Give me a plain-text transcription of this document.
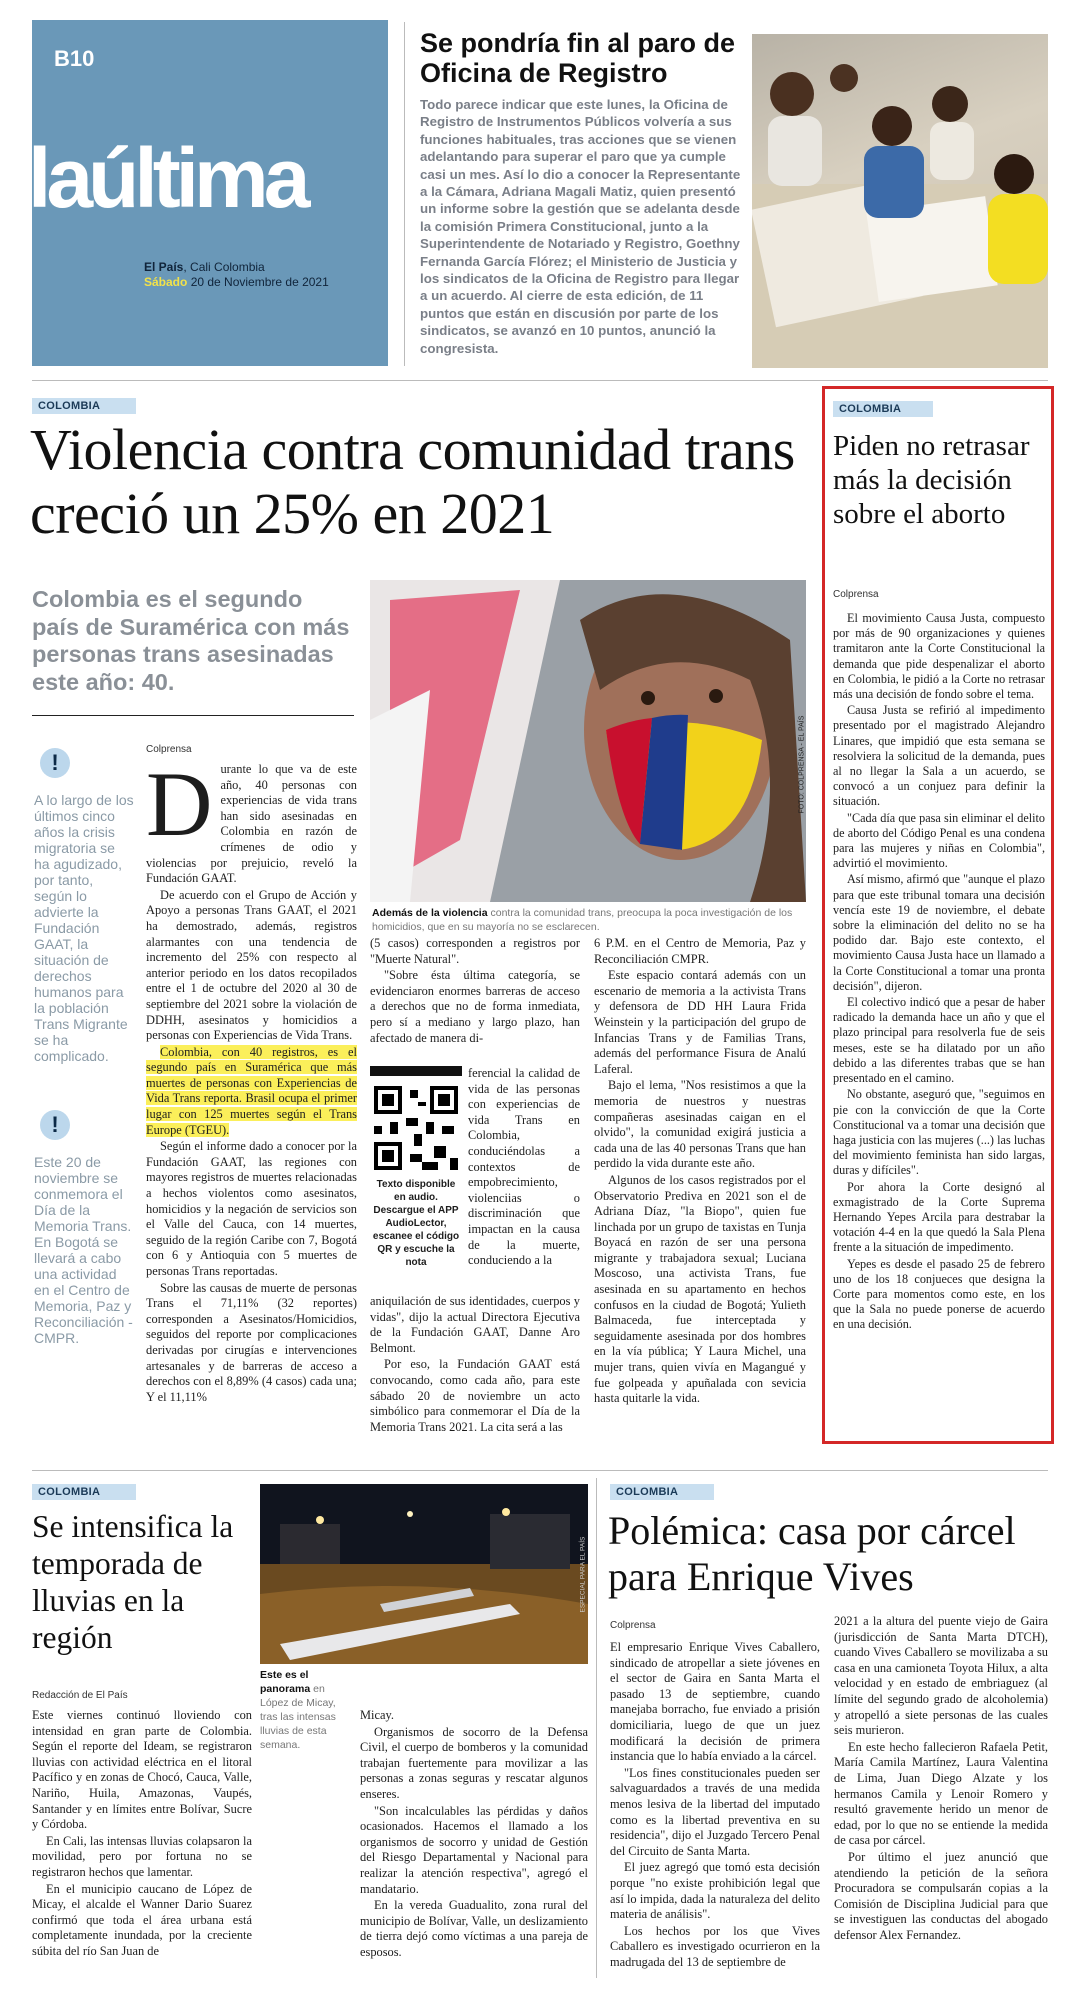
B10
laúltima
El País, Cali Colombia
Sábado 20 de Noviembre de 2021
Se pondría fin al paro de Oficina de Registro
Todo parece indicar que este lunes, la Oficina de Registro de Instrumentos Públicos volvería a sus funciones habituales, tras acciones que se vienen adelantando para superar el paro que ya cumple casi un mes. Así lo dio a conocer la Representante a la Cámara, Adriana Magali Matiz, quien presentó un informe sobre la gestión que se adelanta desde la comisión Primera Constitucional, junto a la Superintendente de Notariado y Registro, Goethny Fernanda García Flórez; el Ministerio de Justicia y los sindicatos de la Oficina de Registro para llegar a un acuerdo. Al cierre de esta edición, de 11 puntos que están en discusión por parte de los sindicatos, se avanzó en 10 puntos, anunció la congresista.
COLOMBIA
Violencia contra comunidad trans creció un 25% en 2021
Colombia es el segundo país de Suramérica con más personas trans asesinadas este año: 40.
FOTO: COLPRENSA - EL PAÍS
Además de la violencia contra la comunidad trans, preocupa la poca investigación de los homicidios, que en su mayoría no se esclarecen.
!
A lo largo de los últimos cinco años la crisis migratoria se ha agudizado, por tanto, según lo advierte la Fundación GAAT, la situación de derechos humanos para la población Trans Migrante se ha complicado.
!
Este 20 de noviembre se conmemora el Día de la Memoria Trans. En Bogotá se llevará a cabo una actividad en el Centro de Memoria, Paz y Reconciliación -CMPR.
Colprensa
D urante lo que va de este año, 40 personas con experiencias de vida trans han sido asesinadas en Colombia en razón de crímenes de odio y violencias por prejuicio, reveló la Fundación GAAT.

De acuerdo con el Grupo de Acción y Apoyo a personas Trans GAAT, el 2021 ha demostrado, además, registros alarmantes con una tendencia de incremento del 25% con respecto al anterior periodo en los datos recopilados entre el 1 de octubre del 2020 al 30 de septiembre del 2021 sobre la violación de DDHH, asesinatos y homicidios a personas con Experiencias de Vida Trans.

Colombia, con 40 registros, es el segundo país en Suramérica que más muertes de personas con Experiencias de Vida Trans reporta. Brasil ocupa el primer lugar con 125 muertes según el Trans Europe (TGEU).

Según el informe dado a conocer por la Fundación GAAT, las regiones con mayores registros de muertes relacionadas a hechos violentos como asesinatos, homicidios y la negación de servicios son el Valle del Cauca, con 14 muertes, seguido de la región Caribe con 7, Bogotá con 6 y Antioquia con 5 muertes de personas Trans reportadas.

Sobre las causas de muerte de personas Trans el 71,11% (32 reportes) corresponden a Asesinatos/Homicidios, seguidos del reporte por complicaciones derivadas por cirugías e intervenciones artesanales y de barreras de acceso a derechos con el 8,89% (4 casos) cada una; Y el 11,11%

(5 casos) corresponden a registros por "Muerte Natural".

"Sobre ésta última categoría, se evidenciaron enormes barreras de acceso a derechos que no de forma inmediata, pero sí a mediano y largo plazo, han afectado de manera di-

Texto disponible en audio. Descargue el APP AudioLector, escanee el código QR y escuche la nota
ferencial la calidad de vida de las personas con experiencias de vida Trans en Colombia, conduciéndolas a contextos de empobrecimiento, violenciias o discriminación que impactan en la causa de la muerte, conduciendo a la

aniquilación de sus identidades, cuerpos y vidas", dijo la actual Directora Ejecutiva de la Fundación GAAT, Danne Aro Belmont.

Por eso, la Fundación GAAT está convocando, como cada año, para este sábado 20 de noviembre un acto simbólico para conmemorar el Día de la Memoria Trans 2021. La cita será a las

6 P.M. en el Centro de Memoria, Paz y Reconciliación CMPR.

Este espacio contará además con un escenario de memoria a la activista Trans y defensora de DD HH Laura Frida Weinstein y la participación del grupo de Infancias Trans y de Familias Trans, además del performance Fisura de Analú Laferal.

Bajo el lema, "Nos resistimos a que la memoria de nuestros y nuestras compañeras asesinadas caigan en el olvido", la comunidad exigirá justicia a cada una de las 40 personas Trans que han perdido la vida durante este año.

Algunos de los casos registrados por el Observatorio Prediva en 2021 son el de Adriana Díaz, "la Biopo", quien fue linchada por un grupo de taxistas en Tunja Boyacá en razón de ser una persona migrante y trabajadora sexual; Luciana Moscoso, una activista Trans, fue asesinada en su apartamento en hechos confusos en la ciudad de Bogotá; Yulieth Balmaceda, fue interceptada y seguidamente asesinada por dos hombres en la vía pública; Y Laura Michel, una mujer trans, quien vivía en Magangué y fue golpeada y apuñalada con sevicia hasta quitarle la vida.

COLOMBIA
Piden no retrasar más la decisión sobre el aborto
Colprensa

El movimiento Causa Justa, compuesto por más de 90 organizaciones y quienes tramitaron ante la Corte Constitucional la demanda que pide despenalizar el aborto en Colombia, le pidió a la Corte no retrasar más una decisión de fondo sobre el tema.

Causa Justa se refirió al impedimento presentado por el magistrado Alejandro Linares, que impidió que esta semana se resolviera la solicitud de la demanda, pues al no llegar la Sala a un acuerdo, se convocó a un conjuez para definir la situación.

"Cada día que pasa sin eliminar el delito de aborto del Código Penal es una condena para las mujeres y niñas en Colombia", advirtió el movimiento.

Así mismo, afirmó que "aunque el plazo para que este tribunal tomara una decisión vencía este 19 de noviembre, el debate sobre la eliminación del delito no se ha podido dar. Bajo este contexto, el movimiento Causa Justa hace un llamado a la Corte Constitucional a tomar una pronta decisión", dijeron.

El colectivo indicó que a pesar de haber radicado la demanda hace un año y que el plazo principal para resolverla fue de seis meses, este se ha dilatado por un año debido a las diferentes trabas que se han presentado en el camino.

No obstante, aseguró que, "seguimos en pie con la convicción de que la Corte Constitucional va a tomar una decisión que haga justicia con las mujeres (...) las luchas del movimiento feminista han sido largas, duras y difíciles".

Por ahora la Corte designó al exmagistrado de la Corte Suprema Hernando Yepes Arcila para destrabar la votación 4-4 en la que quedó la Sala Plena frente a la situación de impedimento.

Yepes es desde el pasado 25 de febrero uno de los 18 conjueces que designa la Corte para momentos como este, en los que la Sala no puede ponerse de acuerdo en una decisión.

COLOMBIA
Se intensifica la temporada de lluvias en la región
ESPECIAL PARA EL PAÍS
Este es el panorama en López de Micay, tras las intensas lluvias de esta semana.
Redacción de El País

Este viernes continuó lloviendo con intensidad en gran parte de Colombia. Según el reporte del Ideam, se registraron lluvias con actividad eléctrica en el litoral Pacífico y en zonas de Chocó, Cauca, Valle, Nariño, Huila, Amazonas, Vaupés, Santander y en límites entre Bolívar, Sucre y Córdoba.

En Cali, las intensas lluvias colapsaron la movilidad, pero por fortuna no se registraron hechos que lamentar.

En el municipio caucano de López de Micay, el alcalde el Wanner Dario Suarez confirmó que toda el área urbana está completamente inundada, por la creciente súbita del río San Juan de

Micay.

Organismos de socorro de la Defensa Civil, el cuerpo de bomberos y la comunidad trabajan fuertemente para movilizar a las personas a zonas seguras y rescatar algunos enseres.

"Son incalculables las pérdidas y daños ocasionados. Hacemos el llamado a los organismos de socorro y unidad de Gestión del Riesgo Departamental y Nacional para realizar la atención respectiva", agregó el mandatario.

En la vereda Guadualito, zona rural del municipio de Bolívar, Valle, un deslizamiento de tierra dejó como víctimas a una pareja de esposos.

COLOMBIA
Polémica: casa por cárcel para Enrique Vives
Colprensa

El empresario Enrique Vives Caballero, sindicado de atropellar a siete jóvenes en el sector de Gaira en Santa Marta el pasado 13 de septiembre, cuando manejaba borracho, fue enviado a prisión domiciliaria, luego de que un juez modificará la decisión de primera instancia que lo había enviado a la cárcel.

"Los fines constitucionales pueden ser salvaguardados a través de una medida menos lesiva de la libertad del imputado como es la libertad preventiva en su residencia", dijo el Juzgado Tercero Penal del Circuito de Santa Marta.

El juez agregó que tomó esta decisión porque "no existe prohibición legal que así lo impida, dada la naturaleza del delito materia de análisis".

Los hechos por los que Vives Caballero es investigado ocurrieron en la madrugada del 13 de septiembre de

2021 a la altura del puente viejo de Gaira (jurisdicción de Santa Marta DTCH), cuando Vives Caballero se movilizaba a su casa en una camioneta Toyota Hilux, a alta velocidad y en estado de embriaguez (al límite del segundo grado de alcoholemia) y atropelló a siete personas de las cuales seis murieron.

En este hecho fallecieron Rafaela Petit, María Camila Martínez, Laura Valentina de Lima, Juan Diego Alzate y los hermanos Camila y Lenoir Romero y resultó gravemente herido un menor de edad, por lo que no se entiende la medida de casa por cárcel.

Por último el juez anunció que atendiendo la petición de la señora Procuradora se compulsarán copias a la Comisión de Disciplina Judicial para que se investiguen las conductas del abogado defensor Alex Fernandez.
